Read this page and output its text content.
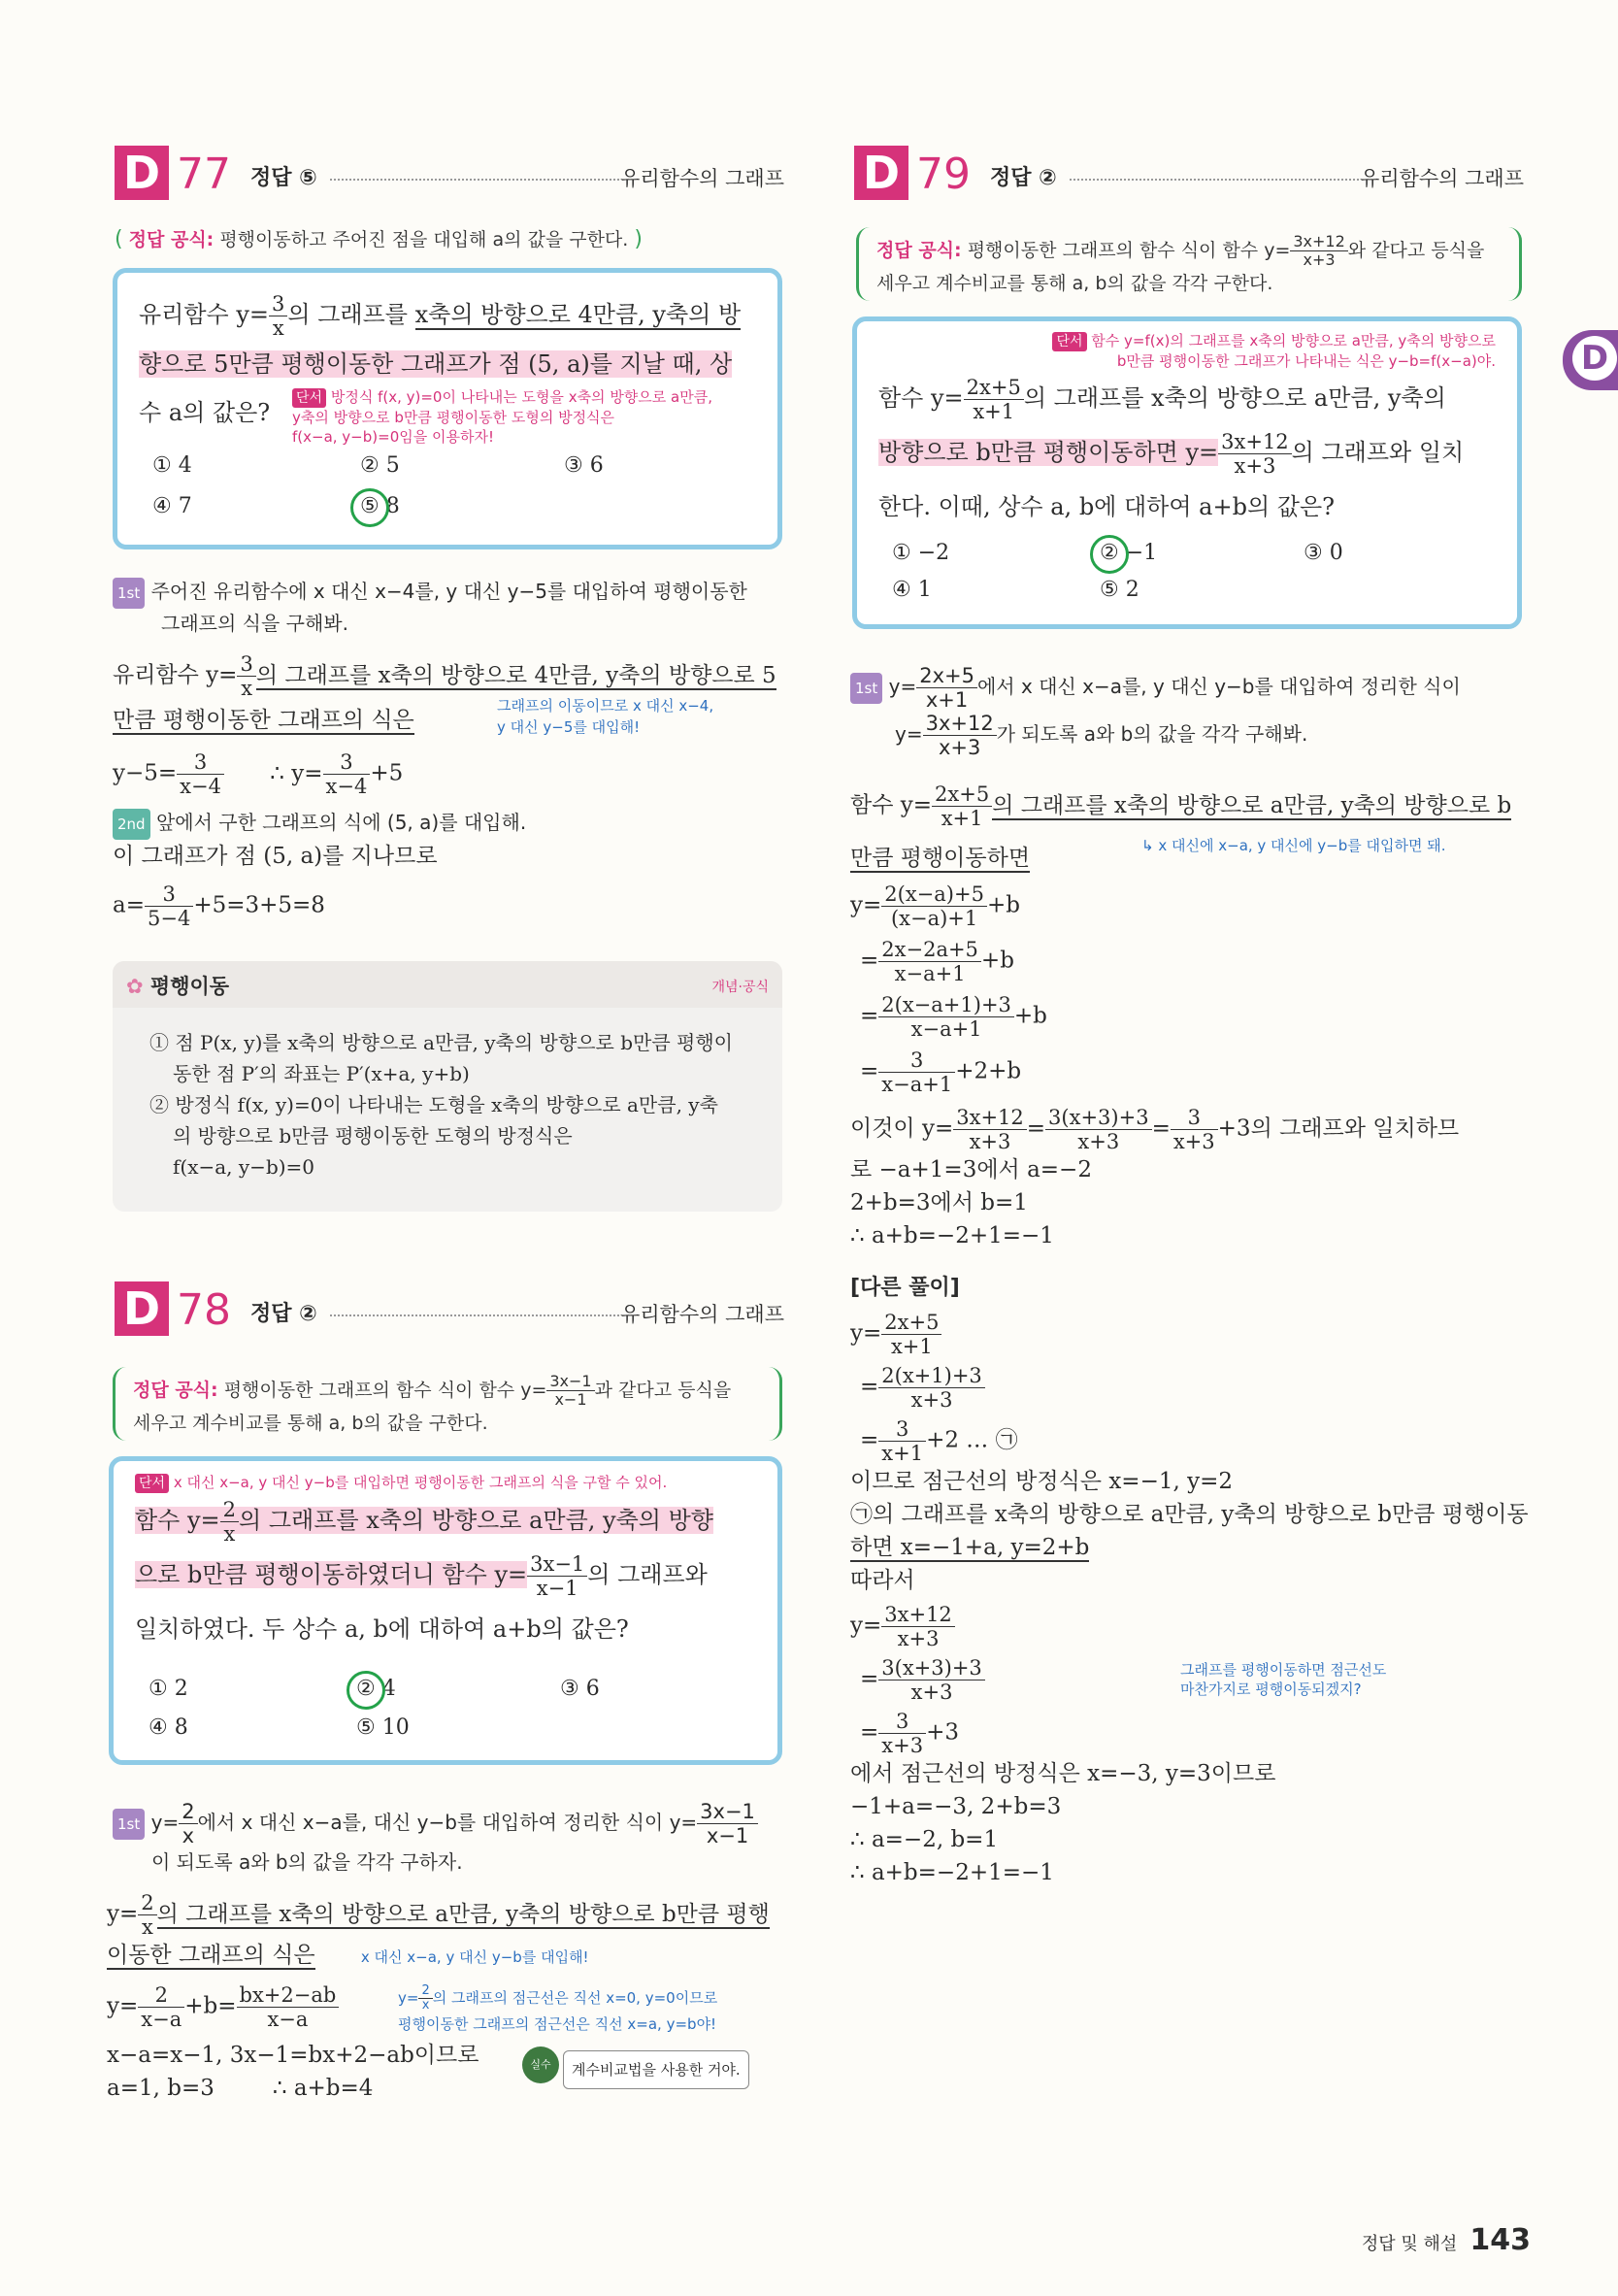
D 77 정답 ⑤	유리함수의 그래프
( 정답 공식: 평행이동하고 주어진 점을 대입해 a의 값을 구한다. )
유리함수 $y= \frac{3}{x}$ 의 그래프를 x축의 방향으로 4만큼, y축의 방
향으로 5만큼 평행이동한 그래프가 점 (5, a)를 지날 때, 상
수 a의 값은?
단서 방정식 f(x, y)=0이 나타내는 도형을 x축의 방향으로 a만큼,
y축의 방향으로 b만큼 평행이동한 도형의 방정식은
f(x−a, y−b)=0임을 이용하자!
① 4	② 5	③ 6
④ 7	⑤ 8
1st 주어진 유리함수에 x 대신 x−4를, y 대신 y−5를 대입하여 평행이동한
그래프의 식을 구해봐.
유리함수 $y= \frac{3}{x}$ 의 그래프를 x축의 방향으로 4만큼, y축의 방향으로 5
만큼 평행이동한 그래프의 식은
그래프의 이동이므로 x 대신 x−4,
y 대신 y−5를 대입해!
$y-5= \frac{3}{x-4}$ ∴ $y= \frac{3}{x-4} +5$
2nd 앞에서 구한 그래프의 식에 (5, a)를 대입해.
이 그래프가 점 (5, a)를 지나므로
$a= \frac{3}{5-4} +5=3+5=8$
✿ 평행이동	개념·공식
① 점 P(x, y)를 x축의 방향으로 a만큼, y축의 방향으로 b만큼 평행이
동한 점 P′의 좌표는 P′(x+a, y+b)
② 방정식 f(x, y)=0이 나타내는 도형을 x축의 방향으로 a만큼, y축
의 방향으로 b만큼 평행이동한 도형의 방정식은
f(x−a, y−b)=0
D 78 정답 ②	유리함수의 그래프
정답 공식: 평행이동한 그래프의 함수 식이 함수 $y= \frac{3x-1}{x-1}$ 과 같다고 등식을
세우고 계수비교를 통해 a, b의 값을 구한다.
단서 x 대신 x−a, y 대신 y−b를 대입하면 평행이동한 그래프의 식을 구할 수 있어.
함수 $y= \frac{2}{x}$ 의 그래프를 x축의 방향으로 a만큼, y축의 방향
으로 b만큼 평행이동하였더니 함수 $y= \frac{3x-1}{x-1}$ 의 그래프와
일치하였다. 두 상수 a, b에 대하여 a+b의 값은?
① 2	② 4	③ 6
④ 8	⑤ 10
1st $y= \frac{2}{x}$ 에서 x 대신 x−a를, 대신 y−b를 대입하여 정리한 식이 $y= \frac{3x-1}{x-1}$

이 되도록 a와 b의 값을 각각 구하자.
$y= \frac{2}{x}$ 의 그래프를 x축의 방향으로 a만큼, y축의 방향으로 b만큼 평행
이동한 그래프의 식은	x 대신 x−a, y 대신 y−b를 대입해!
$y= \frac{2}{x-a} +b= \frac{bx+2-ab}{x-a}$	$y= \frac{2}{x}$ 의 그래프의 점근선은 직선 x=0, y=0이므로
평행이동한 그래프의 점근선은 직선 x=a, y=b야!
x−a=x−1, 3x−1=bx+2−ab이므로	실수	계수비교법을 사용한 거야.
a=1, b=3	∴ a+b=4
D 79 정답 ②	유리함수의 그래프
D
정답 공식: 평행이동한 그래프의 함수 식이 함수 $y= \frac{3x+12}{x+3}$ 와 같다고 등식을
세우고 계수비교를 통해 a, b의 값을 각각 구한다.
단서 함수 y=f(x)의 그래프를 x축의 방향으로 a만큼, y축의 방향으로
b만큼 평행이동한 그래프가 나타내는 식은 y−b=f(x−a)야.
함수 $y= \frac{2x+5}{x+1}$ 의 그래프를 x축의 방향으로 a만큼, y축의
방향으로 b만큼 평행이동하면 $y= \frac{3x+12}{x+3}$ 의 그래프와 일치
한다. 이때, 상수 a, b에 대하여 a+b의 값은?
① −2	② −1	③ 0
④ 1	⑤ 2
1st $y= \frac{2x+5}{x+1}$ 에서 x 대신 x−a를, y 대신 y−b를 대입하여 정리한 식이
$y= \frac{3x+12}{x+3}$ 가 되도록 a와 b의 값을 각각 구해봐.
함수 $y= \frac{2x+5}{x+1}$ 의 그래프를 x축의 방향으로 a만큼, y축의 방향으로 b
↳ x 대신에 x−a, y 대신에 y−b를 대입하면 돼.
만큼 평행이동하면
$y= \frac{2(x-a)+5}{(x-a)+1} +b$
= $\frac{2x-2a+5}{x-a+1} +b$
= $\frac{2(x-a+1)+3}{x-a+1} +b$
= $\frac{3}{x-a+1} +2+b$
이것이 $y= \frac{3x+12}{x+3} = \frac{3(x+3)+3}{x+3} = \frac{3}{x+3} +3$의 그래프와 일치하므
로 −a+1=3에서 a=−2
2+b=3에서 b=1
∴ a+b=−2+1=−1
[다른 풀이]
$y= \frac{2x+5}{x+1}$
= $\frac{2(x+1)+3}{x+3}$
= $\frac{3}{x+1} +2$ … ㉠
이므로 점근선의 방정식은 x=−1, y=2
㉠의 그래프를 x축의 방향으로 a만큼, y축의 방향으로 b만큼 평행이동
하면 x=−1+a, y=2+b
그래프를 평행이동하면 점근선도
마찬가지로 평행이동되겠지?
따라서
$y= \frac{3x+12}{x+3}$
= $\frac{3(x+3)+3}{x+3}$
= $\frac{3}{x+3} +3$
에서 점근선의 방정식은 x=−3, y=3이므로
−1+a=−3, 2+b=3
∴ a=−2, b=1
∴ a+b=−2+1=−1
정답 및 해설 143
